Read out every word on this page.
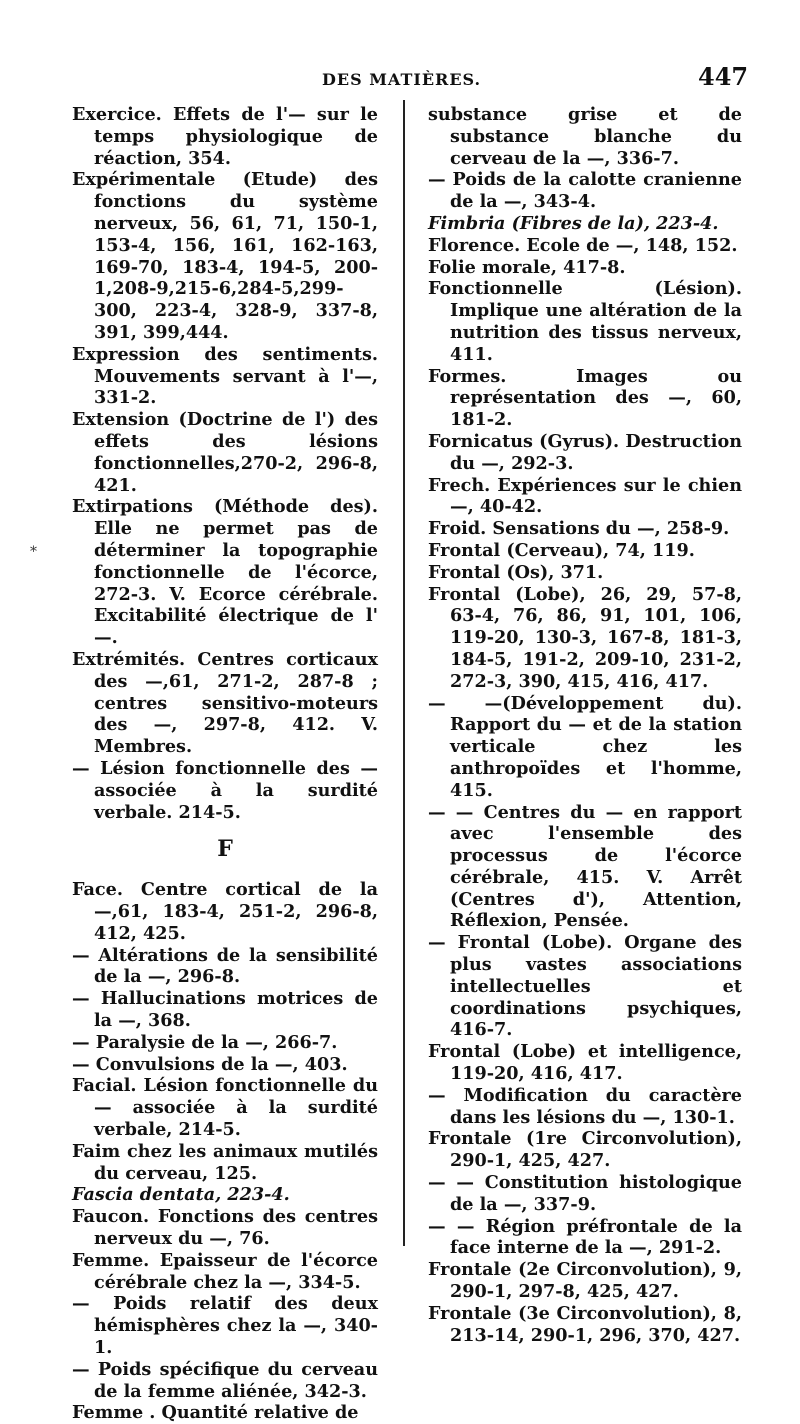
DES MATIÈRES.	447
*
Exercice. Effets de l'— sur le temps physiologique de réaction, 354.
Expérimentale (Etude) des fonctions du système nerveux, 56, 61, 71, 150-1, 153-4, 156, 161, 162-163, 169-70, 183-4, 194-5, 200-1,208-9,215-6,284-5,299-300, 223-4, 328-9, 337-8, 391, 399,444.
Expression des sentiments. Mouvements servant à l'—, 331-2.
Extension (Doctrine de l') des effets des lésions fonctionnelles,270-2, 296-8, 421.
Extirpations (Méthode des). Elle ne permet pas de déterminer la topographie fonctionnelle de l'écorce, 272-3. V. Ecorce cérébrale. Excitabilité électrique de l' —.
Extrémités. Centres corticaux des —,61, 271-2, 287-8 ; centres sensitivo-moteurs des —, 297-8, 412. V. Membres.
— Lésion fonctionnelle des — associée à la surdité verbale. 214-5.
F
Face. Centre cortical de la —,61, 183-4, 251-2, 296-8, 412, 425.
— Altérations de la sensibilité de la —, 296-8.
— Hallucinations motrices de la —, 368.
— Paralysie de la —, 266-7.
— Convulsions de la —, 403.
Facial. Lésion fonctionnelle du— associée à la surdité verbale, 214-5.
Faim chez les animaux mutilés du cerveau, 125.
Fascia dentata, 223-4.
Faucon. Fonctions des centres nerveux du —, 76.
Femme. Epaisseur de l'écorce cérébrale chez la —, 334-5.
— Poids relatif des deux hémisphères chez la —, 340-1.
— Poids spécifique du cerveau de la femme aliénée, 342-3.
Femme . Quantité relative de
substance grise et de substance blanche du cerveau de la —, 336-7.
— Poids de la calotte cranienne de la —, 343-4.
Fimbria (Fibres de la), 223-4.
Florence. Ecole de —, 148, 152.
Folie morale, 417-8.
Fonctionnelle (Lésion). Implique une altération de la nutrition des tissus nerveux, 411.
Formes. Images ou représentation des —, 60, 181-2.
Fornicatus (Gyrus). Destruction du —, 292-3.
Frech. Expériences sur le chien —, 40-42.
Froid. Sensations du —, 258-9.
Frontal (Cerveau), 74, 119.
Frontal (Os), 371.
Frontal (Lobe), 26, 29, 57-8, 63-4, 76, 86, 91, 101, 106, 119-20, 130-3, 167-8, 181-3, 184-5, 191-2, 209-10, 231-2, 272-3, 390, 415, 416, 417.
— —(Développement du). Rapport du — et de la station verticale chez les anthropoïdes et l'homme, 415.
— — Centres du — en rapport avec l'ensemble des processus de l'écorce cérébrale, 415. V. Arrêt (Centres d'), Attention, Réflexion, Pensée.
— Frontal (Lobe). Organe des plus vastes associations intellectuelles et coordinations psychiques, 416-7.
Frontal (Lobe) et intelligence, 119-20, 416, 417.
— Modification du caractère dans les lésions du —, 130-1.
Frontale (1re Circonvolution), 290-1, 425, 427.
— — Constitution histologique de la —, 337-9.
— — Région préfrontale de la face interne de la —, 291-2.
Frontale (2e Circonvolution), 9, 290-1, 297-8, 425, 427.
Frontale (3e Circonvolution), 8, 213-14, 290-1, 296, 370, 427.
